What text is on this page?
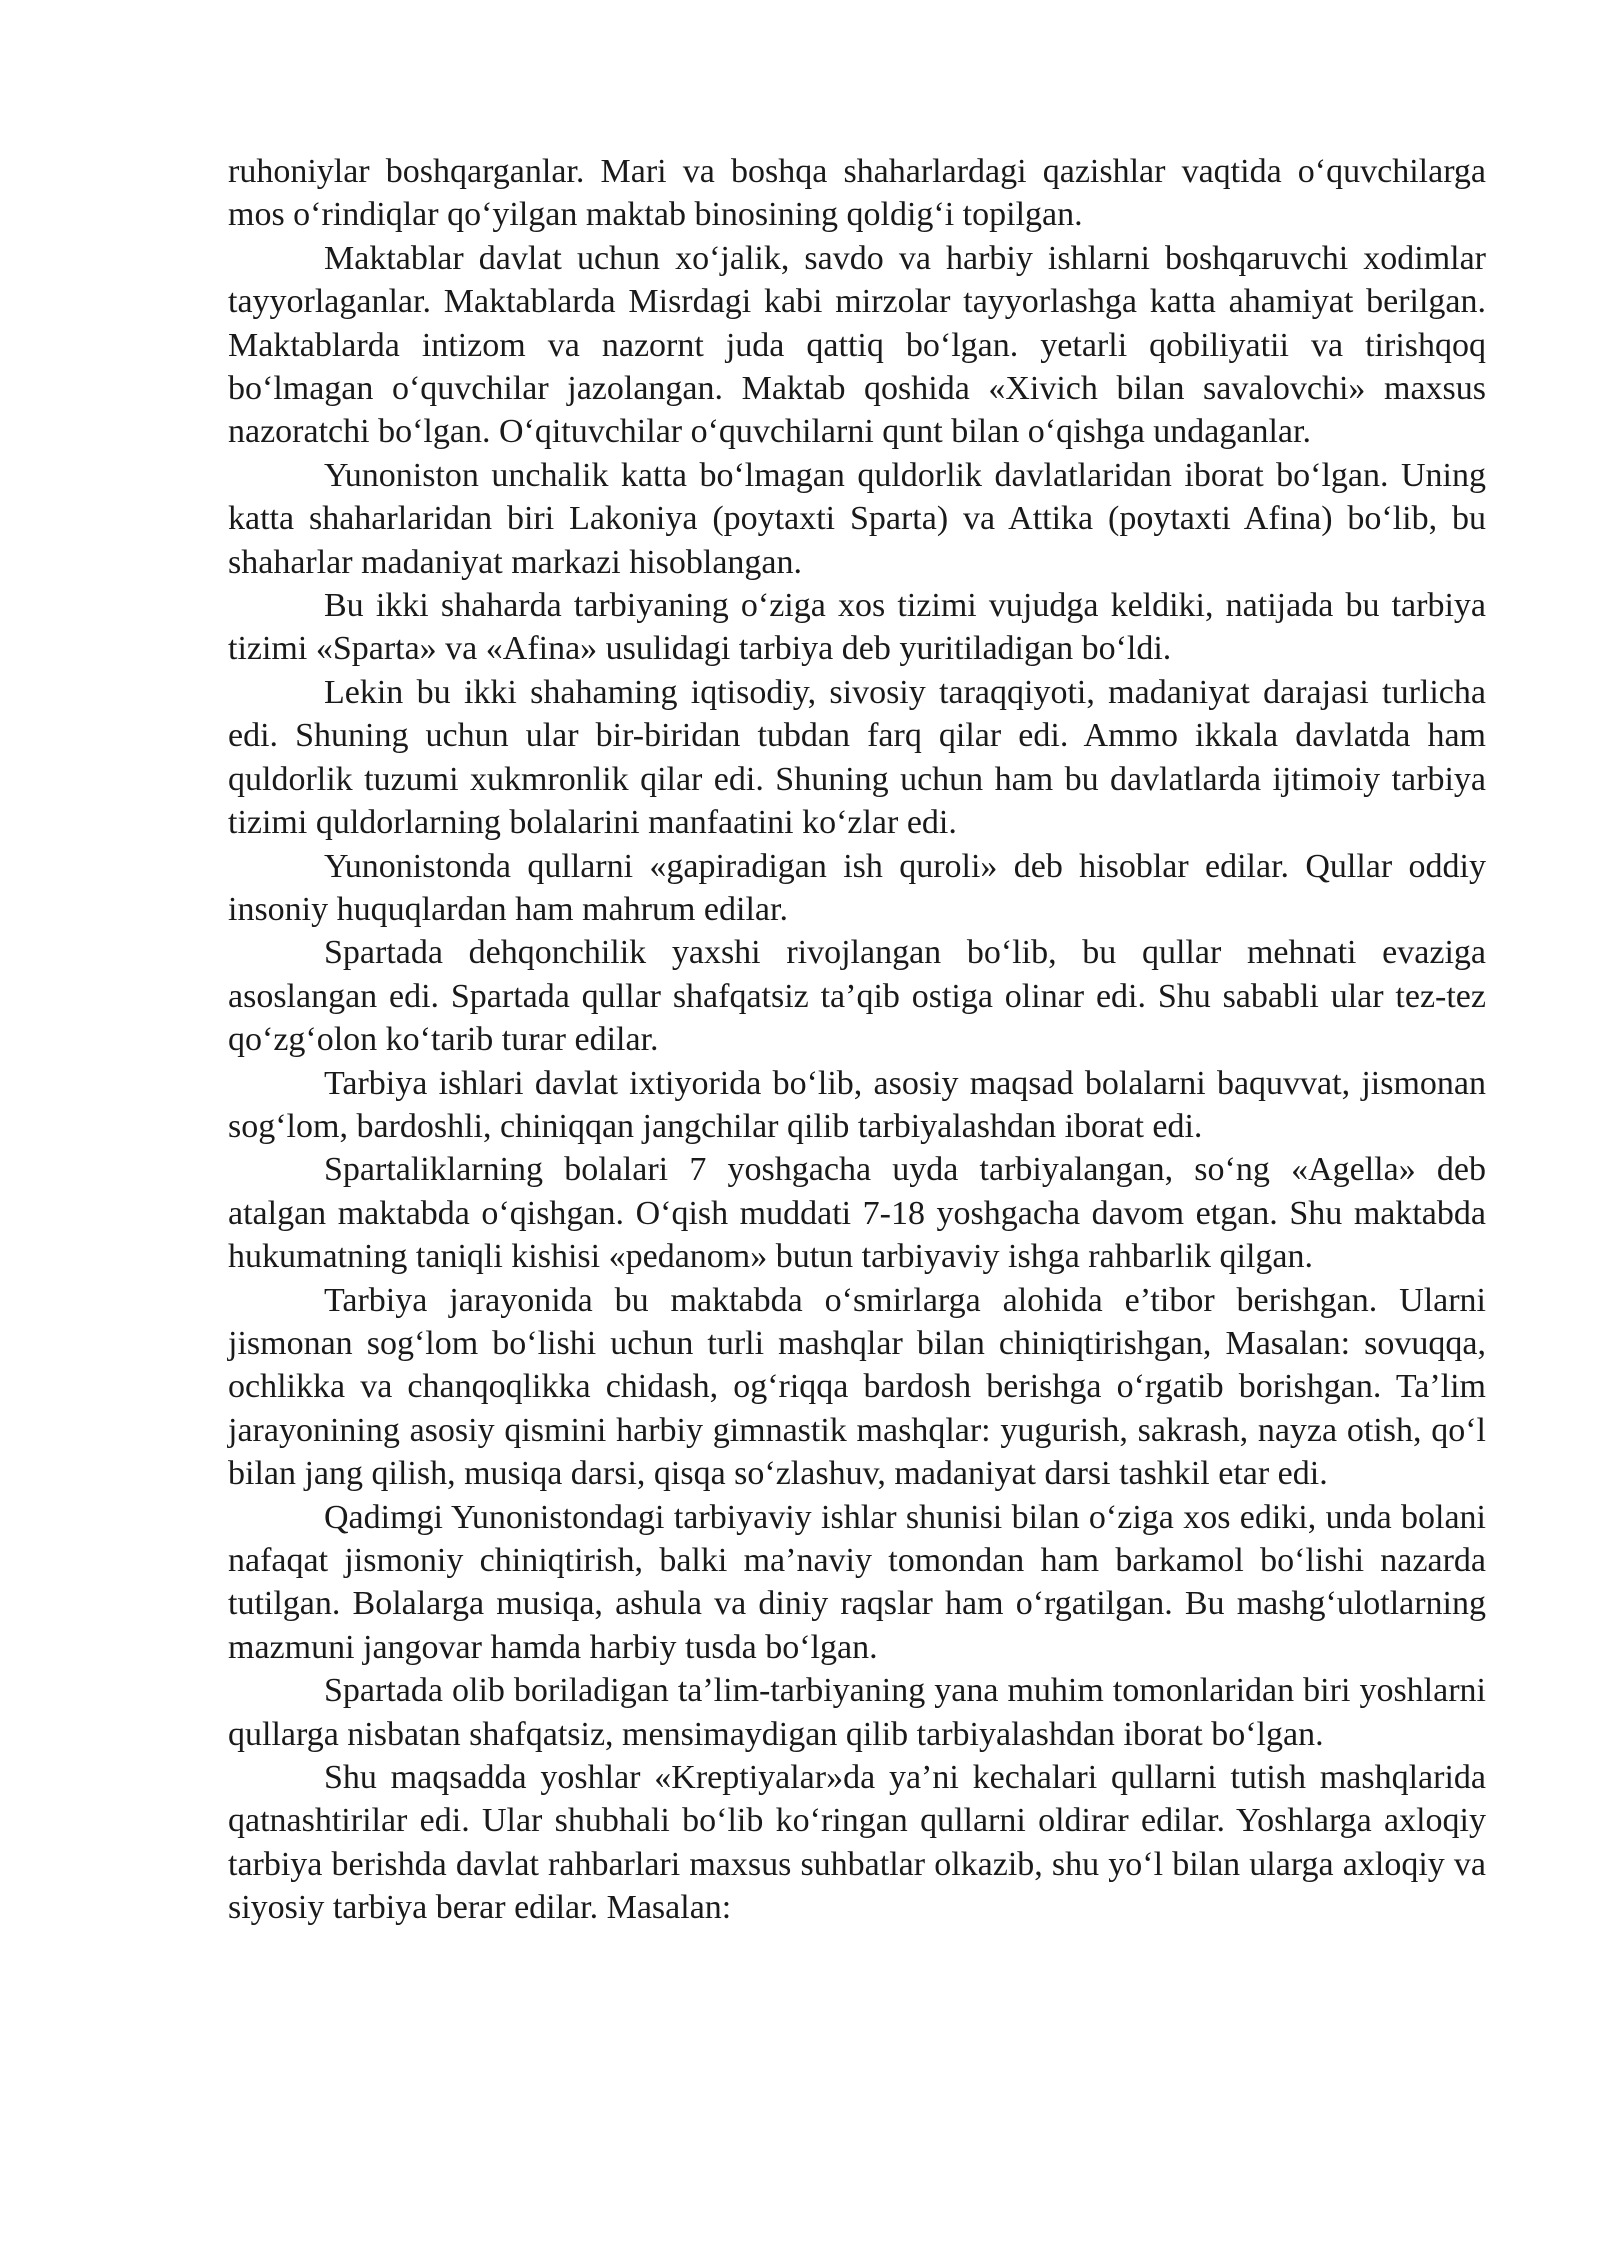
ruhoniylar boshqarganlar. Mari va boshqa shaharlardagi qazishlar vaqtida o‘quvchilarga mos o‘rindiqlar qo‘yilgan maktab binosining qoldig‘i topilgan.

Maktablar davlat uchun xo‘jalik, savdo va harbiy ishlarni boshqaruvchi xodimlar tayyorlaganlar. Maktablarda Misrdagi kabi mirzolar tayyorlashga katta ahamiyat berilgan. Maktablarda intizom va nazornt juda qattiq bo‘lgan. yetarli qobiliyatii va tirishqoq bo‘lmagan o‘quvchilar jazolangan. Maktab qoshida «Xivich bilan savalovchi» maxsus nazoratchi bo‘lgan. O‘qituvchilar o‘quvchilarni qunt bilan o‘qishga undaganlar.

Yunoniston unchalik katta bo‘lmagan quldorlik davlatlaridan iborat bo‘lgan. Uning katta shaharlaridan biri Lakoniya (poytaxti Sparta) va Attika (poytaxti Afina) bo‘lib, bu shaharlar madaniyat markazi hisoblangan.

Bu ikki shaharda tarbiyaning o‘ziga xos tizimi vujudga keldiki, natijada bu tarbiya tizimi «Sparta» va «Afina» usulidagi tarbiya deb yuritiladigan bo‘ldi.

Lekin bu ikki shahaming iqtisodiy, sivosiy taraqqiyoti, madaniyat darajasi turlicha edi. Shuning uchun ular bir-biridan tubdan farq qilar edi. Ammo ikkala davlatda ham quldorlik tuzumi xukmronlik qilar edi. Shuning uchun ham bu davlatlarda ijtimoiy tarbiya tizimi quldorlarning bolalarini manfaatini ko‘zlar edi.

Yunonistonda qullarni «gapiradigan ish quroli» deb hisoblar edilar. Qullar oddiy insoniy huquqlardan ham mahrum edilar.

Spartada dehqonchilik yaxshi rivojlangan bo‘lib, bu qullar mehnati evaziga asoslangan edi. Spartada qullar shafqatsiz ta’qib ostiga olinar edi. Shu sababli ular tez-tez qo‘zg‘olon ko‘tarib turar edilar.

Tarbiya ishlari davlat ixtiyorida bo‘lib, asosiy maqsad bolalarni baquvvat, jismonan sog‘lom, bardoshli, chiniqqan jangchilar qilib tarbiyalashdan iborat edi.

Spartaliklarning bolalari 7 yoshgacha uyda tarbiyalangan, so‘ng «Agella» deb atalgan maktabda o‘qishgan. O‘qish muddati 7-18 yoshgacha davom etgan. Shu maktabda hukumatning taniqli kishisi «pedanom» butun tarbiyaviy ishga rahbarlik qilgan.

Tarbiya jarayonida bu maktabda o‘smirlarga alohida e’tibor berishgan. Ularni jismonan sog‘lom bo‘lishi uchun turli mashqlar bilan chiniqtirishgan, Masalan: sovuqqa, ochlikka va chanqoqlikka chidash, og‘riqqa bardosh berishga o‘rgatib borishgan. Ta’lim jarayonining asosiy qismini harbiy gimnastik mashqlar: yugurish, sakrash, nayza otish, qo‘l bilan jang qilish, musiqa darsi, qisqa so‘zlashuv, madaniyat darsi tashkil etar edi.

Qadimgi Yunonistondagi tarbiyaviy ishlar shunisi bilan o‘ziga xos ediki, unda bolani nafaqat jismoniy chiniqtirish, balki ma’naviy tomondan ham barkamol bo‘lishi nazarda tutilgan. Bolalarga musiqa, ashula va diniy raqslar ham o‘rgatilgan. Bu mashg‘ulotlarning mazmuni jangovar hamda harbiy tusda bo‘lgan.

Spartada olib boriladigan ta’lim-tarbiyaning yana muhim tomonlaridan biri yoshlarni qullarga nisbatan shafqatsiz, mensimaydigan qilib tarbiyalashdan iborat bo‘lgan.

Shu maqsadda yoshlar «Kreptiyalar»da ya’ni kechalari qullarni tutish mashqlarida qatnashtirilar edi. Ular shubhali bo‘lib ko‘ringan qullarni oldirar edilar. Yoshlarga axloqiy tarbiya berishda davlat rahbarlari maxsus suhbatlar olkazib, shu yo‘l bilan ularga axloqiy va siyosiy tarbiya berar edilar. Masalan:
